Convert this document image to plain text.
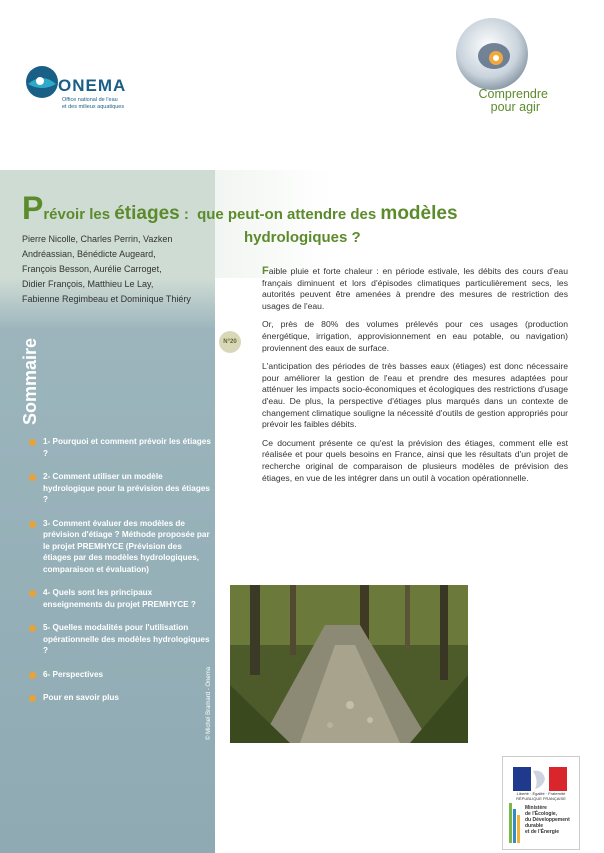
ONEMA
Office national de l'eau
et des milieux aquatiques
Comprendre
pour agir
Prévoir les étiages : que peut-on attendre des modèles
hydrologiques ?
Pierre Nicolle, Charles Perrin, Vazken
Andréassian, Bénédicte Augeard,
François Besson, Aurélie Carroget,
Didier François, Matthieu Le Lay,
Fabienne Regimbeau et Dominique Thiéry
Sommaire	N°20
1- Pourquoi et comment prévoir les étiages ?
2- Comment utiliser un modèle hydrologique pour la prévision des étiages ?
3- Comment évaluer des modèles de prévision d'étiage ? Méthode proposée par le projet PREMHYCE (Prévision des étiages par des modèles hydrologiques, comparaison et évaluation)
4- Quels sont les principaux enseignements du projet PREMHYCE ?
5- Quelles modalités pour l'utilisation opérationnelle des modèles hydrologiques ?
6- Perspectives
Pour en savoir plus	© Michel Bramard - Onema

Faible pluie et forte chaleur : en période estivale, les débits des cours d'eau français diminuent et lors d'épisodes climatiques particulièrement secs, les autorités peuvent être amenées à prendre des mesures de restriction des usages de l'eau.

Or, près de 80% des volumes prélevés pour ces usages (production énergétique, irrigation, approvisionnement en eau potable, ou navigation) proviennent des eaux de surface.

L'anticipation des périodes de très basses eaux (étiages) est donc nécessaire pour améliorer la gestion de l'eau et prendre des mesures adaptées pour atténuer les impacts socio-économiques et écologiques des restrictions d'usage d'eau. De plus, la perspective d'étiages plus marqués dans un contexte de changement climatique souligne la nécessité d'outils de gestion appropriés pour prévoir les faibles débits.

Ce document présente ce qu'est la prévision des étiages, comment elle est réalisée et pour quels besoins en France, ainsi que les résultats d'un projet de recherche original de comparaison de plusieurs modèles de prévision des étiages, en vue de les intégrer dans un outil à vocation opérationnelle.

Liberté · Égalité · Fraternité
RÉPUBLIQUE FRANÇAISE
Ministère
de l'Écologie,
du Développement
durable
et de l'Énergie
